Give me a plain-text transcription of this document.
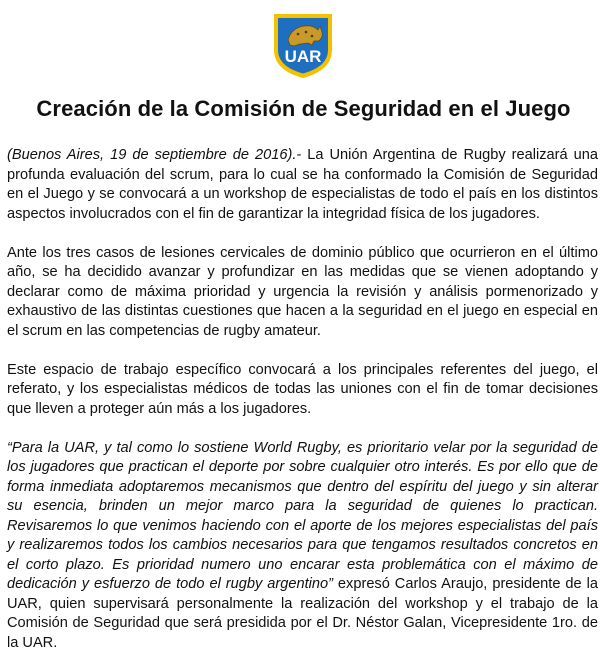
UAR
Creación de la Comisión de Seguridad en el Juego

(Buenos Aires, 19 de septiembre de 2016).- La Unión Argentina de Rugby realizará una profunda evaluación del scrum, para lo cual se ha conformado la Comisión de Seguridad en el Juego y se convocará a un workshop de especialistas de todo el país en los distintos aspectos involucrados con el fin de garantizar la integridad física de los jugadores.

Ante los tres casos de lesiones cervicales de dominio público que ocurrieron en el último año, se ha decidido avanzar y profundizar en las medidas que se vienen adoptando y declarar como de máxima prioridad y urgencia la revisión y análisis pormenorizado y exhaustivo de las distintas cuestiones que hacen a la seguridad en el juego en especial en el scrum en las competencias de rugby amateur.

Este espacio de trabajo específico convocará a los principales referentes del juego, el referato, y los especialistas médicos de todas las uniones con el fin de tomar decisiones que lleven a proteger aún más a los jugadores.

“Para la UAR, y tal como lo sostiene World Rugby, es prioritario velar por la seguridad de los jugadores que practican el deporte por sobre cualquier otro interés. Es por ello que de forma inmediata adoptaremos mecanismos que dentro del espíritu del juego y sin alterar su esencia, brinden un mejor marco para la seguridad de quienes lo practican. Revisaremos lo que venimos haciendo con el aporte de los mejores especialistas del país y realizaremos todos los cambios necesarios para que tengamos resultados concretos en el corto plazo. Es prioridad numero uno encarar esta problemática con el máximo de dedicación y esfuerzo de todo el rugby argentino” expresó Carlos Araujo, presidente de la UAR, quien supervisará personalmente la realización del workshop y el trabajo de la Comisión de Seguridad que será presidida por el Dr. Néstor Galan, Vicepresidente 1ro. de la UAR.
